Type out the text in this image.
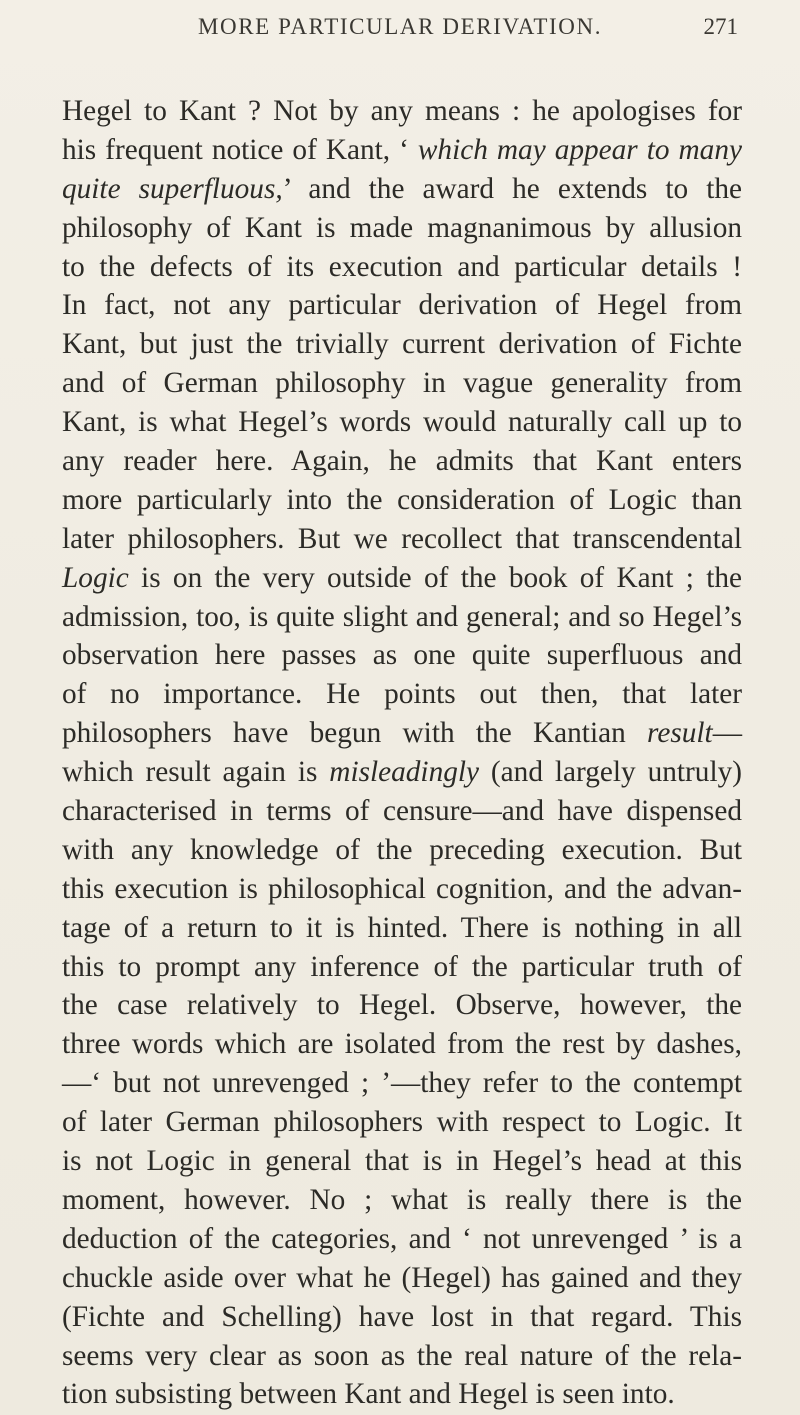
MORE PARTICULAR DERIVATION.	271
Hegel to Kant ? Not by any means : he apologises for
his frequent notice of Kant, ‘ which may appear to many
quite superfluous,’ and the award he extends to the
philosophy of Kant is made magnanimous by allusion
to the defects of its execution and particular details !
In fact, not any particular derivation of Hegel from
Kant, but just the trivially current derivation of Fichte
and of German philosophy in vague generality from
Kant, is what Hegel’s words would naturally call up to
any reader here. Again, he admits that Kant enters
more particularly into the consideration of Logic than
later philosophers. But we recollect that transcendental
Logic is on the very outside of the book of Kant ; the
admission, too, is quite slight and general; and so Hegel’s
observation here passes as one quite superfluous and
of no importance. He points out then, that later
philosophers have begun with the Kantian result—
which result again is misleadingly (and largely untruly)
characterised in terms of censure—and have dispensed
with any knowledge of the preceding execution. But
this execution is philosophical cognition, and the advan-
tage of a return to it is hinted. There is nothing in all
this to prompt any inference of the particular truth of
the case relatively to Hegel. Observe, however, the
three words which are isolated from the rest by dashes,
—‘ but not unrevenged ; ’—they refer to the contempt
of later German philosophers with respect to Logic. It
is not Logic in general that is in Hegel’s head at this
moment, however. No ; what is really there is the
deduction of the categories, and ‘ not unrevenged ’ is a
chuckle aside over what he (Hegel) has gained and they
(Fichte and Schelling) have lost in that regard. This
seems very clear as soon as the real nature of the rela-
tion subsisting between Kant and Hegel is seen into.
